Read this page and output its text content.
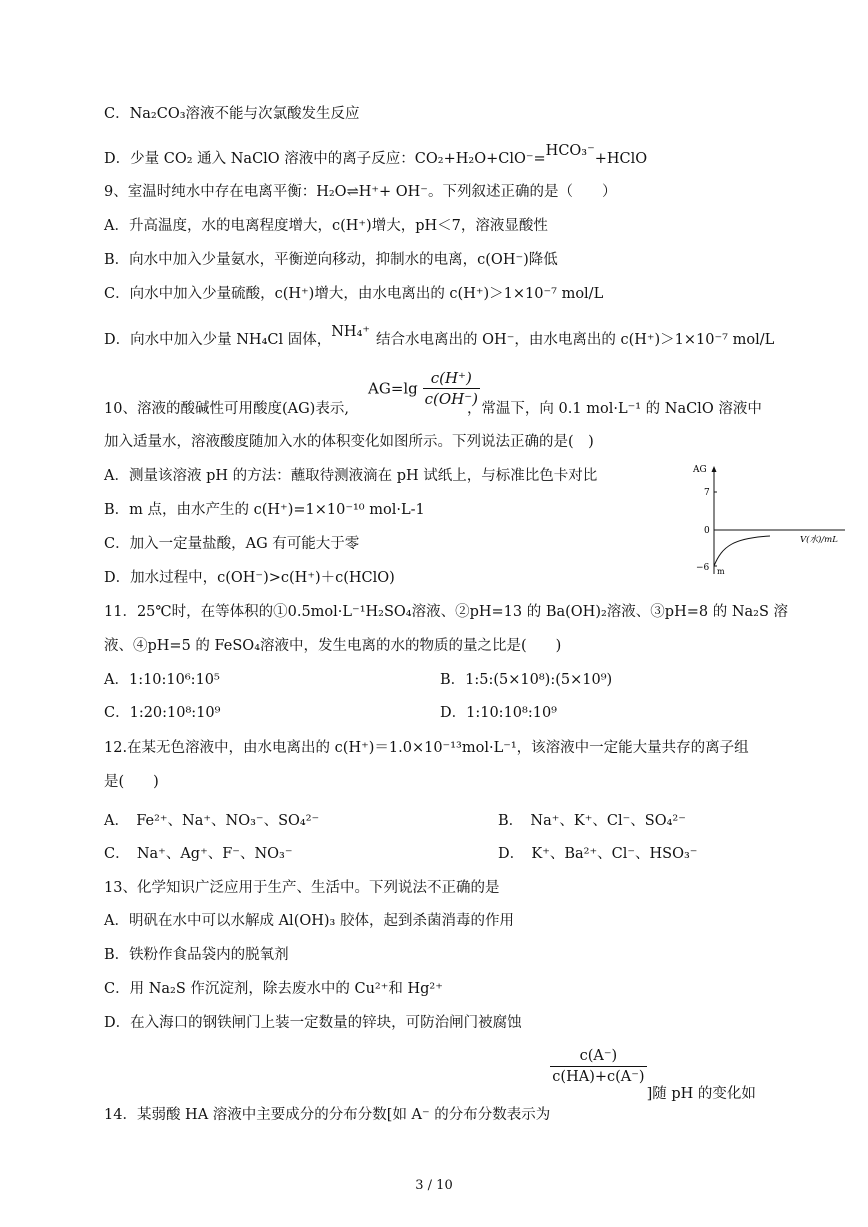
C．Na₂CO₃溶液不能与次氯酸发生反应
D．少量 CO₂ 通入 NaClO 溶液中的离子反应：CO₂+H₂O+ClO⁻=HCO₃⁻+HClO
9、室温时纯水中存在电离平衡：H₂O⇌H⁺+ OH⁻。下列叙述正确的是（　　）
A．升高温度，水的电离程度增大，c(H⁺)增大，pH＜7，溶液显酸性
B．向水中加入少量氨水，平衡逆向移动，抑制水的电离，c(OH⁻)降低
C．向水中加入少量硫酸，c(H⁺)增大，由水电离出的 c(H⁺)＞1×10⁻⁷ mol/L
D．向水中加入少量 NH₄Cl 固体，NH₄⁺ 结合水电离出的 OH⁻，由水电离出的 c(H⁺)＞1×10⁻⁷ mol/L
$AG=\lg \frac{c(H^+)}{c(OH^-)}$
10、溶液的酸碱性可用酸度(AG)表示,	，常温下，向 0.1 mol·L⁻¹ 的 NaClO 溶液中
加入适量水，溶液酸度随加入水的体积变化如图所示。下列说法正确的是(　)
A．测量该溶液 pH 的方法：蘸取待测液滴在 pH 试纸上，与标准比色卡对比
B．m 点，由水产生的 c(H⁺)=1×10⁻¹⁰ mol·L-1
C．加入一定量盐酸，AG 有可能大于零
D．加水过程中，c(OH⁻)>c(H⁺)＋c(HClO)
AG
7
0
−6 m
V(水)/mL
11．25℃时，在等体积的①0.5mol·L⁻¹H₂SO₄溶液、②pH=13 的 Ba(OH)₂溶液、③pH=8 的 Na₂S 溶
液、④pH=5 的 FeSO₄溶液中，发生电离的水的物质的量之比是(　　)
A．1:10:10⁶:10⁵	B．1:5:(5×10⁸):(5×10⁹)
C．1:20:10⁸:10⁹	D．1:10:10⁸:10⁹
12.在某无色溶液中，由水电离出的 c(H⁺)＝1.0×10⁻¹³mol·L⁻¹，该溶液中一定能大量共存的离子组
是(　　)
A．　Fe²⁺、Na⁺、NO₃⁻、SO₄²⁻	B．　Na⁺、K⁺、Cl⁻、SO₄²⁻
C．　Na⁺、Ag⁺、F⁻、NO₃⁻	D．　K⁺、Ba²⁺、Cl⁻、HSO₃⁻
13、化学知识广泛应用于生产、生活中。下列说法不正确的是
A．明矾在水中可以水解成 Al(OH)₃ 胶体，起到杀菌消毒的作用
B．铁粉作食品袋内的脱氧剂
C．用 Na₂S 作沉淀剂，除去废水中的 Cu²⁺和 Hg²⁺
D．在入海口的钢铁闸门上装一定数量的锌块，可防治闸门被腐蚀
14．某弱酸 HA 溶液中主要成分的分布分数[如 A⁻ 的分布分数表示为
$\frac{c(A^-)}{c(HA)+c(A^-)}$
]随 pH 的变化如
3 / 10
